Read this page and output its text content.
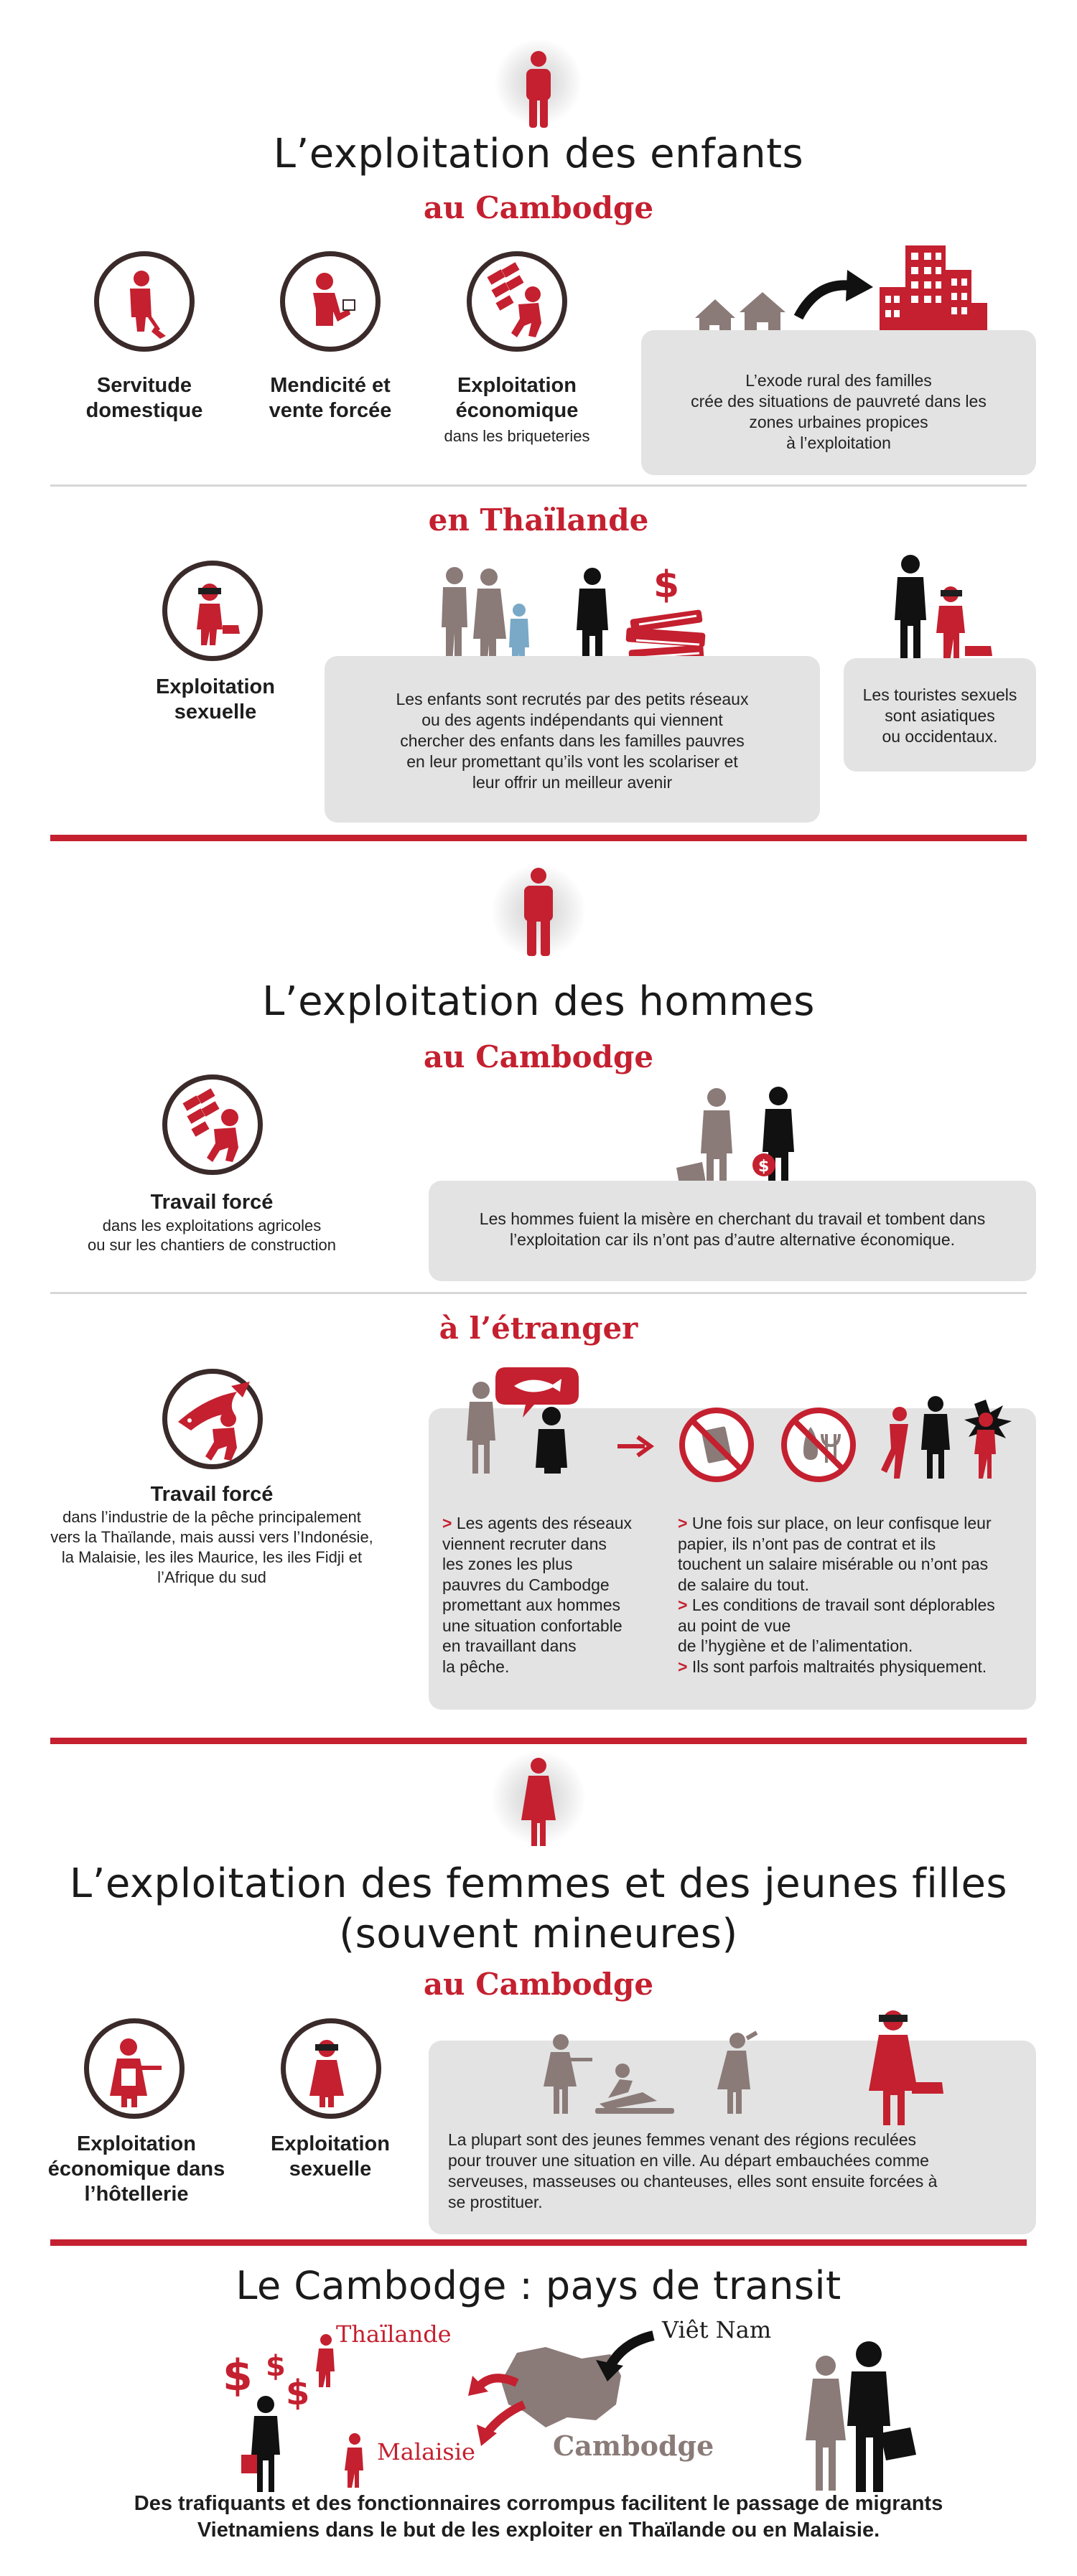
L’exploitation des enfants
au Cambodge
Servitude
domestique
Mendicité et
vente forcée
Exploitation
économique
dans les briqueteries
L’exode rural des familles
crée des situations de pauvreté dans les
zones urbaines propices
à l’exploitation
en Thaïlande
Exploitation
sexuelle
$
Les enfants sont recrutés par des petits réseaux
ou des agents indépendants qui viennent
chercher des enfants dans les familles pauvres
en leur promettant qu’ils vont les scolariser et
leur offrir un meilleur avenir
Les touristes sexuels
sont asiatiques
ou occidentaux.
L’exploitation des hommes
au Cambodge
Travail forcé
dans les exploitations agricoles
ou sur les chantiers de construction
$
Les hommes fuient la misère en cherchant du travail et tombent dans
l’exploitation car ils n’ont pas d’autre alternative économique.
à l’étranger
Travail forcé
dans l’industrie de la pêche principalement
vers la Thaïlande, mais aussi vers l’Indonésie,
la Malaisie, les iles Maurice, les iles Fidji et
l’Afrique du sud
> Les agents des réseaux
viennent recruter dans
les zones les plus
pauvres du Cambodge
promettant aux hommes
une situation confortable
en travaillant dans
la pêche.
> Une fois sur place, on leur confisque leur
papier, ils n’ont pas de contrat et ils
touchent un salaire misérable ou n’ont pas
de salaire du tout.
> Les conditions de travail sont déplorables
au point de vue
de l’hygiène et de l’alimentation.
> Ils sont parfois maltraités physiquement.
L’exploitation des femmes et des jeunes filles
(souvent mineures)
au Cambodge
Exploitation
économique dans
l’hôtellerie
Exploitation
sexuelle
La plupart sont des jeunes femmes venant des régions reculées
pour trouver une situation en ville. Au départ embauchées comme
serveuses, masseuses ou chanteuses, elles sont ensuite forcées à
se prostituer.
Le Cambodge : pays de transit
$ $
$
Thaïlande	Viêt Nam
Malaisie	Cambodge
Des trafiquants et des fonctionnaires corrompus facilitent le passage de migrants
Vietnamiens dans le but de les exploiter en Thaïlande ou en Malaisie.
